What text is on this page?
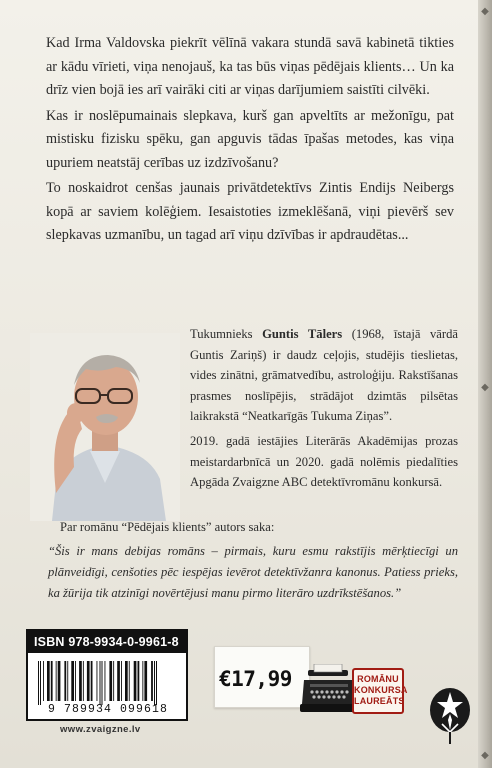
◆
◆
◆

Kad Irma Valdovska piekrīt vēlīnā vakara stundā savā kabinetā tikties ar kādu vīrieti, viņa nenojauš, ka tas būs viņas pēdējais klients… Un ka drīz vien bojā ies arī vairāki citi ar viņas darījumiem saistīti cilvēki.

Kas ir noslēpumainais slepkava, kurš gan apveltīts ar mežonīgu, pat mistisku fizisku spēku, gan apguvis tādas īpašas metodes, kas viņa upuriem neatstāj cerības uz izdzīvošanu?

To noskaidrot cenšas jaunais privātdetektīvs Zintis Endijs Neibergs kopā ar saviem kolēģiem. Iesaistoties izmeklēšanā, viņi pievērš sev slepkavas uzmanību, un tagad arī viņu dzīvības ir apdraudētas...

Tukumnieks Guntis Tālers (1968, īstajā vārdā Guntis Zariņš) ir daudz ceļojis, studējis tieslietas, vides zinātni, grāmatvedību, astroloģiju. Rakstīšanas prasmes noslīpējis, strādājot dzimtās pilsētas laikrakstā “Neatkarīgās Tukuma Ziņas”.

2019. gadā iestājies Literārās Akadēmijas prozas meistardarbnīcā un 2020. gadā nolēmis piedalīties Apgāda Zvaigzne ABC detektīvromānu konkursā.

Par romānu “Pēdējais klients” autors saka:
“Šis ir mans debijas romāns – pirmais, kuru esmu rakstījis mērķtiecīgi un plānveidīgi, cenšoties pēc iespējas ievērot detektīvžanra kanonus. Patiess prieks, ka žūrija tik atzinīgi novērtējusi manu pirmo literāro uzdrīkstēšanos.”
ISBN 978-9934-0-9961-8
9 789934 099618
www.zvaigzne.lv
€17,99	ROMĀNU
KONKURSA
LAUREĀTS
